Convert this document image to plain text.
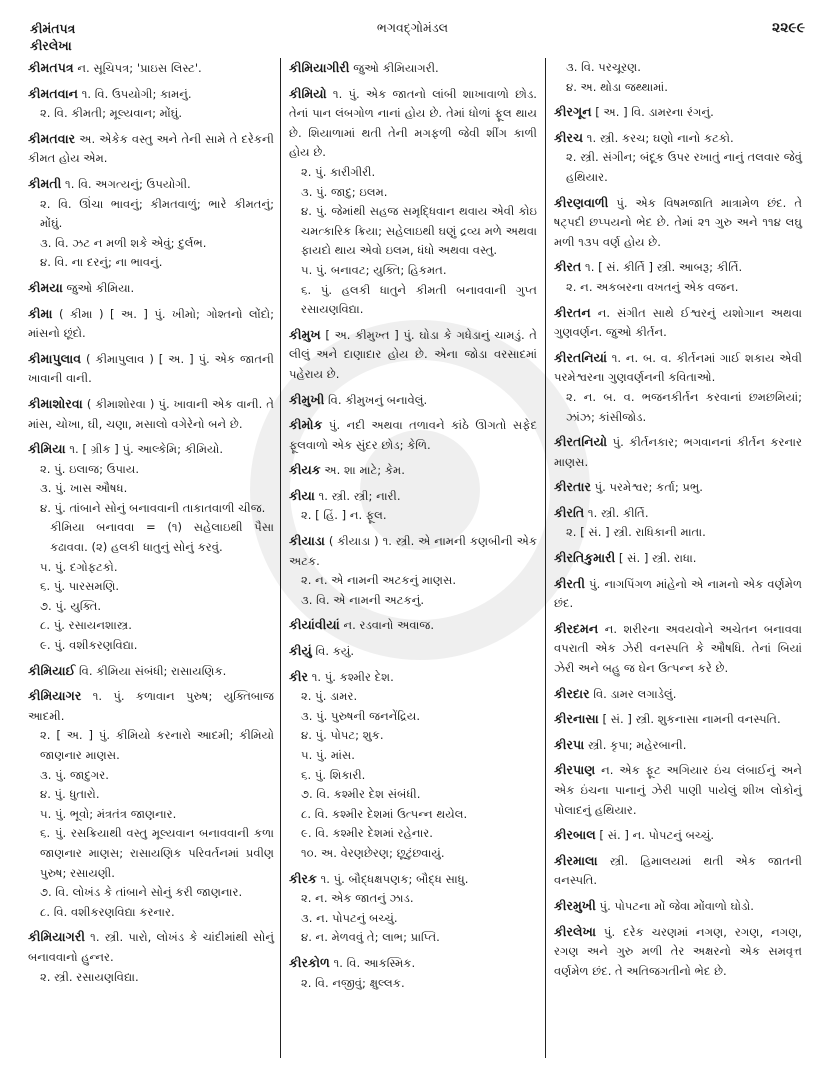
કીમંતપત્ર
કીરલેખા
ભગવદ્ગોમંડલ	૨૨૯૯
કીમતપત્ર ન. સૂચિપત્ર; 'પ્રાઇસ લિસ્ટ'.
કીમતવાન ૧. વિ. ઉપયોગી; કામનું.
૨. વિ. કીમતી; મૂલ્યવાન; મોંઘું.
કીમતવાર અ. એકેક વસ્તુ અને તેની સામે તે દરેકની કીમત હોય એમ.
કીમતી ૧. વિ. અગત્યનું; ઉપયોગી.
૨. વિ. ઊંચા ભાવનું; કીમતવાળું; ભારે કીમતનું; મોંઘું.
૩. વિ. ઝટ ન મળી શકે એવું; દુર્લભ.
૪. વિ. ના દરનું; ના ભાવનું.
કીમયા જુઓ કીમિયા.
કીમા ( કીમા ) [ અ. ] પું. ખીમો; ગોશ્તનો લોંદો; માંસનો છૂંદો.
કીમાપુલાવ ( કીમાપુલાવ ) [ અ. ] પું. એક જાતની ખાવાની વાની.
કીમાશોરવા ( કીમાશોરવા ) પું. ખાવાની એક વાની. તે માંસ, ચોખા, ઘી, ચણા, મસાલો વગેરેનો બને છે.
કીમિયા ૧. [ ગ્રીક ] પું. આલ્કેમિ; કીમિયો.
૨. પું. ઇલાજ; ઉપાય.
૩. પું. ખાસ ઔષધ.
૪. પું. તાંબાને સોનું બનાવવાની તાકાતવાળી ચીજ.
કીમિયા બનાવવા = (૧) સહેલાઇથી પૈસા કઢાવવા. (૨) હલકી ધાતુનું સોનું કરવું.
૫. પું. દગોફટકો.
૬. પું. પારસમણિ.
૭. પું. યુક્તિ.
૮. પું. રસાયનશાસ્ત્ર.
૯. પું. વશીકરણવિદ્યા.
કીમિયાઈ વિ. કીમિયા સંબંધી; રાસાયણિક.
કીમિયાગર ૧. પું. કળાવાન પુરુષ; યુક્તિબાજ આદમી.
૨. [ અ. ] પું. કીમિયો કરનારો આદમી; કીમિયો જાણનાર માણસ.
૩. પું. જાદુગર.
૪. પું. ધુતારો.
૫. પું. ભૂવો; મંત્રતંત્ર જાણનાર.
૬. પું. રસક્રિયાથી વસ્તુ મૂલ્યવાન બનાવવાની કળા જાણનાર માણસ; રાસાયણિક પરિવર્તનમાં પ્રવીણ પુરુષ; રસાયણી.
૭. વિ. લોખંડ કે તાંબાને સોનું કરી જાણનાર.
૮. વિ. વશીકરણવિદ્યા કરનાર.
કીમિયાગરી ૧. સ્ત્રી. પારો, લોખંડ કે ચાંદીમાંથી સોનું બનાવવાનો હુન્નર.
૨. સ્ત્રી. રસાયણવિદ્યા.
કીમિયાગીરી જુઓ કીમિયાગરી.
કીમિયો ૧. પું. એક જાતનો લાંબી શાખાવાળો છોડ. તેનાં પાન લંબગોળ નાનાં હોય છે. તેમાં ધોળાં ફૂલ થાય છે. શિયાળામાં થતી તેની મગફળી જેવી શીંગ કાળી હોય છે.
૨. પું. કારીગીરી.
૩. પું. જાદુ; ઇલમ.
૪. પું. જેમાંથી સહજ સમૃદ્ધિવાન થવાય એવી કોઇ ચમત્કારિક ક્રિયા; સહેલાઇથી ઘણું દ્રવ્ય મળે અથવા ફાયદો થાય એવો ઇલમ, ધંધો અથવા વસ્તુ.
૫. પું. બનાવટ; યુક્તિ; હિકમત.
૬. પું. હલકી ધાતુને કીમતી બનાવવાની ગુપ્ત રસાયણવિદ્યા.
કીમુખ [ અ. કીમુખ્ત ] પું. ઘોડા કે ગધેડાનું ચામડું. તે લીલું અને દાણાદાર હોય છે. એના જોડા વરસાદમાં પહેરાય છે.
કીમુખી વિ. કીમુખનું બનાવેલું.
કીમોક પું. નદી અથવા તળાવને કાંઠે ઊગતો સફેદ ફૂલવાળો એક સુંદર છોડ; કેળિ.
કીયક અ. શા માટે; કેમ.
કીયા ૧. સ્ત્રી. સ્ત્રી; નારી.
૨. [ હિં. ] ન. ફૂલ.
કીયાડા ( કીયાડા ) ૧. સ્ત્રી. એ નામની કણબીની એક અટક.
૨. ન. એ નામની અટકનું માણસ.
૩. વિ. એ નામની અટકનું.
કીયાંવીયાં ન. રડવાનો અવાજ.
કીયું વિ. કયું.
કીર ૧. પું. કશ્મીર દેશ.
૨. પું. ડામર.
૩. પું. પુરુષની જનનેંદ્રિય.
૪. પું. પોપટ; શુક.
૫. પું. માંસ.
૬. પું. શિકારી.
૭. વિ. કશ્મીર દેશ સંબંધી.
૮. વિ. કશ્મીર દેશમાં ઉત્પન્ન થયેલ.
૯. વિ. કશ્મીર દેશમાં રહેનાર.
૧૦. અ. વેરણછેરણ; છૂટુંછવાયું.
કીરક ૧. પું. બૌદ્ધક્ષપણક; બૌદ્ધ સાધુ.
૨. ન. એક જાતનું ઝાડ.
૩. ન. પોપટનું બચ્ચું.
૪. ન. મેળવવું તે; લાભ; પ્રાપ્તિ.
કીરકોળ ૧. વિ. આકસ્મિક.
૨. વિ. નજીવું; ક્ષુલ્લક.
૩. વિ. પરચૂરણ.
૪. અ. થોડા જથ્થામાં.
કીરગૂન [ અ. ] વિ. ડામરના રંગનું.
કીરચ ૧. સ્ત્રી. કરચ; ઘણો નાનો કટકો.
૨. સ્ત્રી. સંગીન; બંદૂક ઉપર રખાતું નાનું તલવાર જેવું હથિયાર.
કીરણવાળી પું. એક વિષમજાતિ માત્રામેળ છંદ. તે ષટ્પદી છપ્પયનો ભેદ છે. તેમાં ૨૧ ગુરુ અને ૧૧૪ લઘુ મળી ૧૩૫ વર્ણ હોય છે.
કીરત ૧. [ સં. કીર્તિ ] સ્ત્રી. આબરૂ; કીર્તિ.
૨. ન. અકબરના વખતનું એક વજન.
કીરતન ન. સંગીત સાથે ઈશ્વરનું યશોગાન અથવા ગુણવર્ણન. જુઓ કીર્તન.
કીરતનિયાં ૧. ન. બ. વ. કીર્તનમાં ગાઈ શકાય એવી પરમેશ્વરના ગુણવર્ણનની કવિતાઓ.
૨. ન. બ. વ. ભજનકીર્તન કરવાનાં છમછમિયાં; ઝાંઝ; કાંસીજોડ.
કીરતનિયો પું. કીર્તનકાર; ભગવાનનાં કીર્તન કરનાર માણસ.
કીરતાર પું. પરમેશ્વર; કર્તા; પ્રભુ.
કીરતિ ૧. સ્ત્રી. કીર્તિ.
૨. [ સં. ] સ્ત્રી. રાધિકાની માતા.
કીરતિકુમારી [ સં. ] સ્ત્રી. રાધા.
કીરતી પું. નાગપિંગળ માંહેનો એ નામનો એક વર્ણમેળ છંદ.
કીરદમન ન. શરીરના અવયવોને અચેતન બનાવવા વપરાતી એક ઝેરી વનસ્પતિ કે ઔષધિ. તેનાં બિયાં ઝેરી અને બહુ જ ઘેન ઉત્પન્ન કરે છે.
કીરદાર વિ. ડામર લગાડેલું.
કીરનાસા [ સં. ] સ્ત્રી. શુકનાસા નામની વનસ્પતિ.
કીરપા સ્ત્રી. કૃપા; મહેરબાની.
કીરપાણ ન. એક ફૂટ અગિયાર ઇંચ લંબાઈનું અને એક ઇંચના પાનાનું ઝેરી પાણી પાયેલું શીખ લોકોનું પોલાદનું હથિયાર.
કીરબાલ [ સં. ] ન. પોપટનું બચ્ચું.
કીરમાલા સ્ત્રી. હિમાલયમાં થતી એક જાતની વનસ્પતિ.
કીરમુખી પું. પોપટના મોં જેવા મોંવાળો ઘોડો.
કીરલેખા પું. દરેક ચરણમાં નગણ, રગણ, નગણ, રગણ અને ગુરુ મળી તેર અક્ષરનો એક સમવૃત્ત વર્ણમેળ છંદ. તે અતિજગતીનો ભેદ છે.
